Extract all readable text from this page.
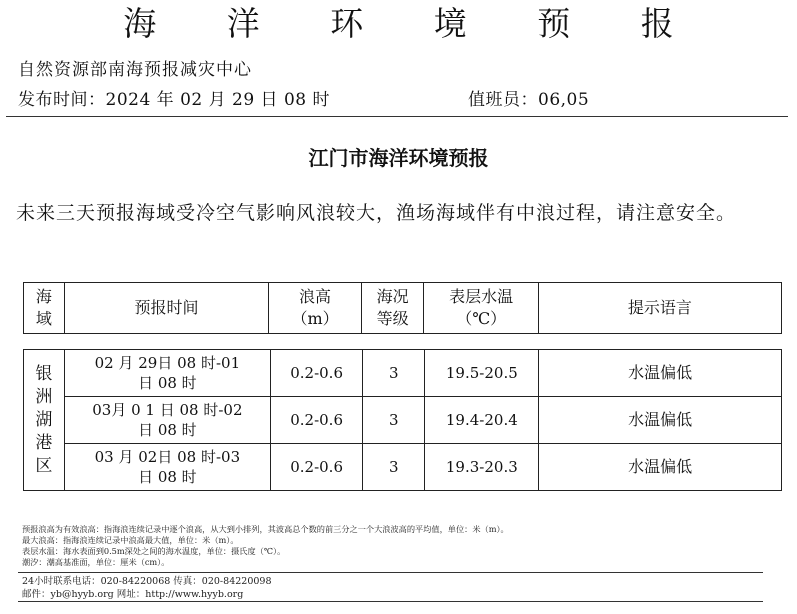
海 洋 环 境 预 报
自然资源部南海预报减灾中心
发布时间：2024 年 02 月 29 日 08 时	值班员：06,05
江门市海洋环境预报
未来三天预报海域受冷空气影响风浪较大，渔场海域伴有中浪过程，请注意安全。
海域	预报时间	浪高（m）	海况等级	表层水温（℃）	提示语言
银洲湖港区	02 月 29日 08 时-01 日 08 时	0.2-0.6	3	19.5-20.5	水温偏低
	03月 0 1 日 08 时-02 日 08 时	0.2-0.6	3	19.4-20.4	水温偏低
	03 月 02日 08 时-03 日 08 时	0.2-0.6	3	19.3-20.3	水温偏低
预报浪高为有效浪高：指海浪连续记录中逐个浪高，从大到小排列，其波高总个数的前三分之一个大浪波高的平均值，单位：米（m）。
最大浪高：指海浪连续记录中浪高最大值，单位：米（m）。
表层水温：海水表面到0.5m深处之间的海水温度，单位：摄氏度（℃）。
潮汐：潮高基准面，单位：厘米（cm）。
24小时联系电话：020-84220068 传真：020-84220098
邮件：yb@hyyb.org 网址：http://www.hyyb.org
